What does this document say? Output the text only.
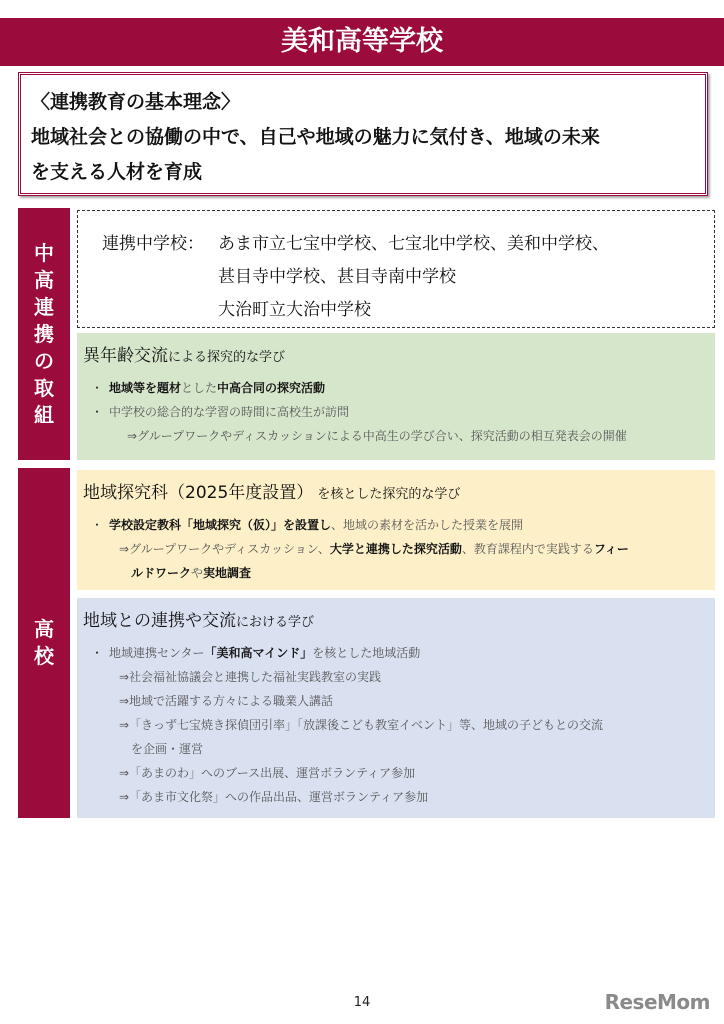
美和高等学校
〈連携教育の基本理念〉
地域社会との協働の中で、自己や地域の魅力に気付き、地域の未来
を支える人材を育成
中
高
連
携
の
取
組
高
校
連携中学校： あま市立七宝中学校、七宝北中学校、美和中学校、
甚目寺中学校、甚目寺南中学校
大治町立大治中学校
異年齢交流による探究的な学び
・ 地域等を題材とした中高合同の探究活動
・ 中学校の総合的な学習の時間に高校生が訪問
⇒グループワークやディスカッションによる中高生の学び合い、探究活動の相互発表会の開催
地域探究科（2025年度設置） を核とした探究的な学び
・ 学校設定教科「地域探究（仮）」を設置し、地域の素材を活かした授業を展開
⇒グループワークやディスカッション、大学と連携した探究活動、教育課程内で実践するフィー
　ルドワークや実地調査
地域との連携や交流における学び
・ 地域連携センター「美和高マインド」を核とした地域活動
⇒社会福祉協議会と連携した福祉実践教室の実践
⇒地域で活躍する方々による職業人講話
⇒「きっず七宝焼き探偵団引率」「放課後こども教室イベント」等、地域の子どもとの交流
　を企画・運営
⇒「あまのわ」へのブース出展、運営ボランティア参加
⇒「あま市文化祭」への作品出品、運営ボランティア参加
14	ReseMom
